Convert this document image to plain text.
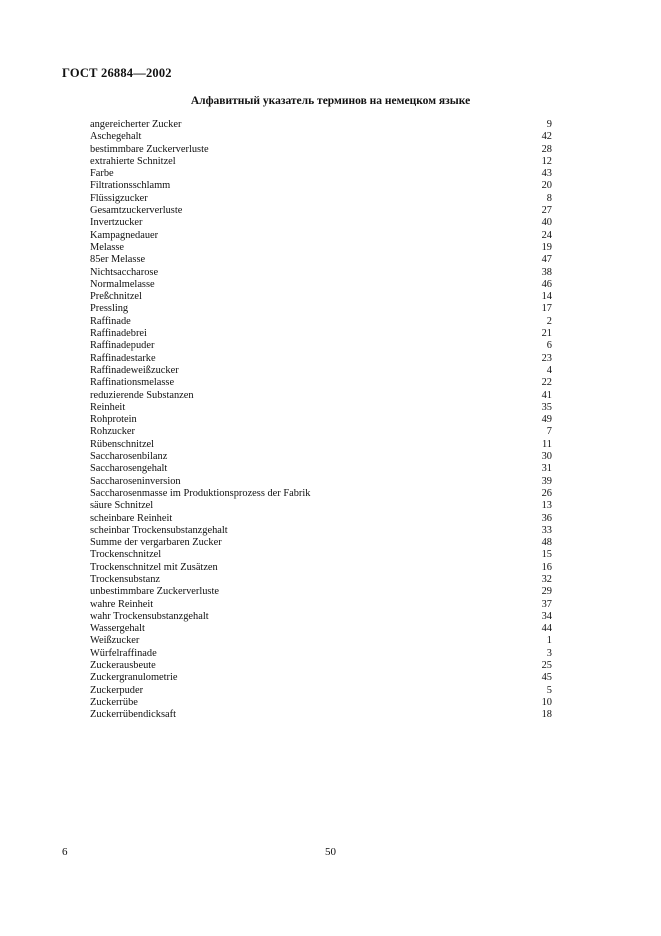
ГОСТ 26884—2002
Алфавитный указатель терминов на немецком языке
angereicherter Zucker	9
Aschegehalt	42
bestimmbare Zuckerverluste	28
extrahierte Schnitzel	12
Farbe	43
Filtrationsschlamm	20
Flüssigzucker	8
Gesamtzuckerverluste	27
Invertzucker	40
Kampagnedauer	24
Melasse	19
85er Melasse	47
Nichtsaccharose	38
Normalmelasse	46
Preßchnitzel	14
Pressling	17
Raffinade	2
Raffinadebrei	21
Raffinadepuder	6
Raffinadestarke	23
Raffinadeweißzucker	4
Raffinationsmelasse	22
reduzierende Substanzen	41
Reinheit	35
Rohprotein	49
Rohzucker	7
Rübenschnitzel	11
Saccharosenbilanz	30
Saccharosengehalt	31
Saccharoseninversion	39
Saccharosenmasse im Produktionsprozess der Fabrik	26
säure Schnitzel	13
scheinbare Reinheit	36
scheinbar Trockensubstanzgehalt	33
Summe der vergarbaren Zucker	48
Trockenschnitzel	15
Trockenschnitzel mit Zusätzen	16
Trockensubstanz	32
unbestimmbare Zuckerverluste	29
wahre Reinheit	37
wahr Trockensubstanzgehalt	34
Wassergehalt	44
Weißzucker	1
Würfelraffinade	3
Zuckerausbeute	25
Zuckergranulometrie	45
Zuckerpuder	5
Zuckerrübe	10
Zuckerrübendicksaft	18
6	50
